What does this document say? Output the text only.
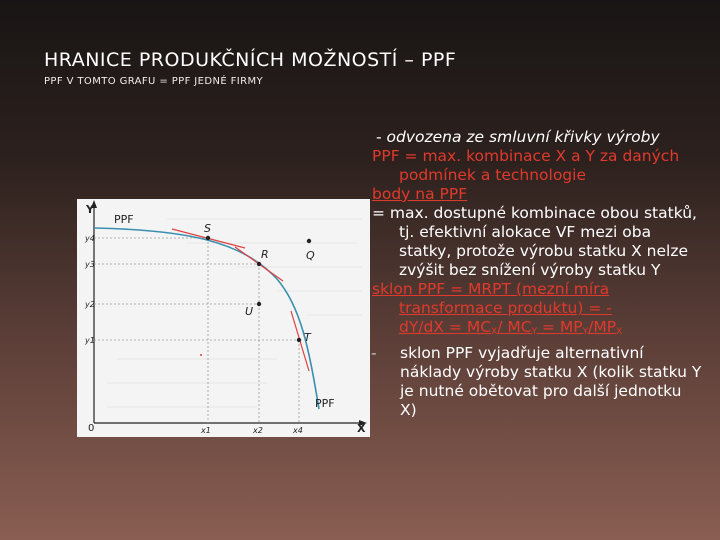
HRANICE PRODUKČNÍCH MOŽNOSTÍ – PPF
PPF V TOMTO GRAFU = PPF JEDNÉ FIRMY
Y
X
0
S
R	Q
U
T
PPF
PPF
y4
y3
y2
y1
x1	x2	x4

- odvozena ze smluvní křivky výroby

PPF = max. kombinace X a Y za daných podmínek a technologie

body na PPF

= max. dostupné kombinace obou statků, tj. efektivní alokace VF mezi oba statky, protože výrobu statku X nelze zvýšit bez snížení výroby statku Y

sklon PPF = MRPT (mezní míra transformace produktu) = -
$dY/dX = MC_X/$ $MC_Y = MP_Y/MP_X$

- sklon PPF vyjadřuje alternativní náklady výroby statku X (kolik statku Y je nutné obětovat pro další jednotku X)
